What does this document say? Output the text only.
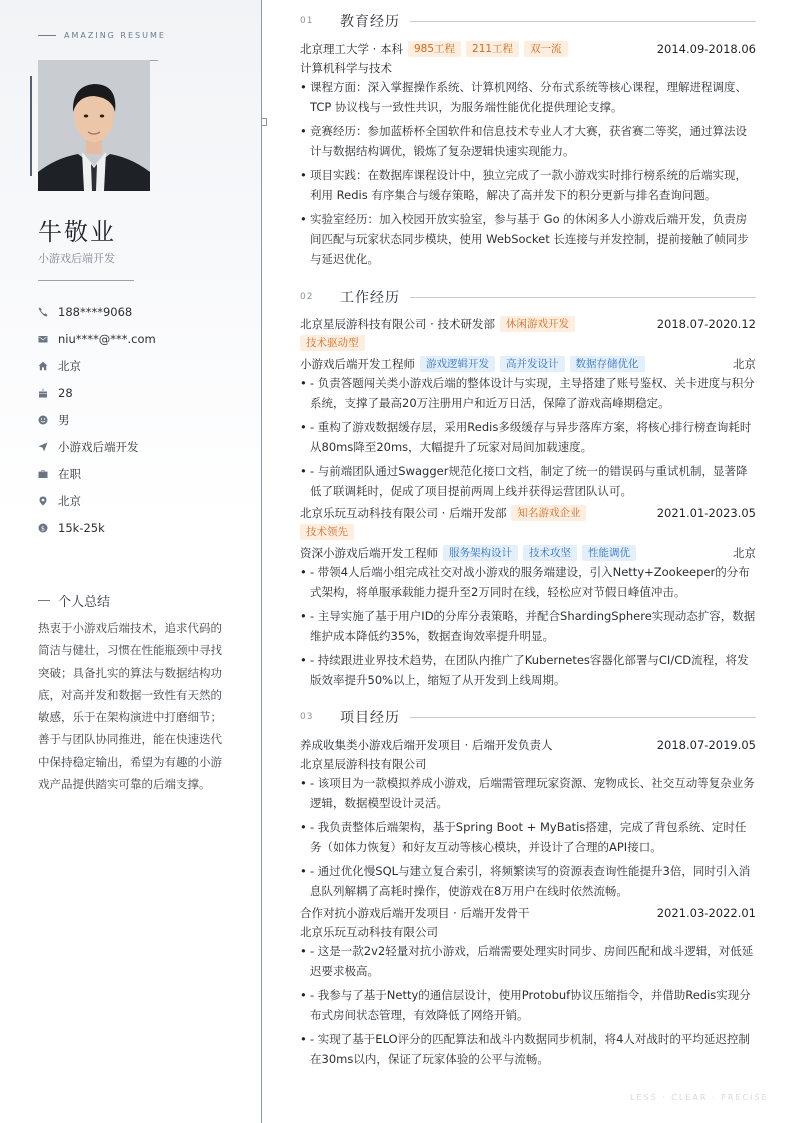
AMAZING RESUME
牛敬业
小游戏后端开发
188****9068
niu****@***.com
北京
28
男
小游戏后端开发
在职
北京
$ 15k-25k
个人总结
热衷于小游戏后端技术，追求代码的简洁与健壮，习惯在性能瓶颈中寻找突破；具备扎实的算法与数据结构功底，对高并发和数据一致性有天然的敏感，乐于在架构演进中打磨细节；善于与团队协同推进，能在快速迭代中保持稳定输出，希望为有趣的小游戏产品提供踏实可靠的后端支撑。
01	教育经历
北京理工大学 · 本科	985工程	211工程	双一流	2014.09-2018.06
计算机科学与技术
• 课程方面：深入掌握操作系统、计算机网络、分布式系统等核心课程，理解进程调度、TCP 协议栈与一致性共识，为服务端性能优化提供理论支撑。
• 竞赛经历：参加蓝桥杯全国软件和信息技术专业人才大赛，获省赛二等奖，通过算法设计与数据结构调优，锻炼了复杂逻辑快速实现能力。
• 项目实践：在数据库课程设计中，独立完成了一款小游戏实时排行榜系统的后端实现，利用 Redis 有序集合与缓存策略，解决了高并发下的积分更新与排名查询问题。
• 实验室经历：加入校园开放实验室，参与基于 Go 的休闲多人小游戏后端开发，负责房间匹配与玩家状态同步模块，使用 WebSocket 长连接与并发控制，提前接触了帧同步与延迟优化。
02	工作经历
北京星辰游科技有限公司 · 技术研发部	休闲游戏开发	2018.07-2020.12
技术驱动型
小游戏后端开发工程师	游戏逻辑开发	高并发设计	数据存储优化	北京
• - 负责答题闯关类小游戏后端的整体设计与实现，主导搭建了账号鉴权、关卡进度与积分系统，支撑了最高20万注册用户和近万日活，保障了游戏高峰期稳定。
• - 重构了游戏数据缓存层，采用Redis多级缓存与异步落库方案，将核心排行榜查询耗时从80ms降至20ms，大幅提升了玩家对局间加载速度。
• - 与前端团队通过Swagger规范化接口文档，制定了统一的错误码与重试机制，显著降低了联调耗时，促成了项目提前两周上线并获得运营团队认可。
北京乐玩互动科技有限公司 · 后端开发部	知名游戏企业	2021.01-2023.05
技术领先
资深小游戏后端开发工程师	服务架构设计	技术攻坚	性能调优	北京
• - 带领4人后端小组完成社交对战小游戏的服务端建设，引入Netty+Zookeeper的分布式架构，将单服承载能力提升至2万同时在线，轻松应对节假日峰值冲击。
• - 主导实施了基于用户ID的分库分表策略，并配合ShardingSphere实现动态扩容，数据维护成本降低约35%，数据查询效率提升明显。
• - 持续跟进业界技术趋势，在团队内推广了Kubernetes容器化部署与CI/CD流程，将发版效率提升50%以上，缩短了从开发到上线周期。
03	项目经历
养成收集类小游戏后端开发项目 · 后端开发负责人	2018.07-2019.05
北京星辰游科技有限公司
• - 该项目为一款模拟养成小游戏，后端需管理玩家资源、宠物成长、社交互动等复杂业务逻辑，数据模型设计灵活。
• - 我负责整体后端架构，基于Spring Boot + MyBatis搭建，完成了背包系统、定时任务（如体力恢复）和好友互动等核心模块，并设计了合理的API接口。
• - 通过优化慢SQL与建立复合索引，将频繁读写的资源表查询性能提升3倍，同时引入消息队列解耦了高耗时操作，使游戏在8万用户在线时依然流畅。
合作对抗小游戏后端开发项目 · 后端开发骨干	2021.03-2022.01
北京乐玩互动科技有限公司
• - 这是一款2v2轻量对抗小游戏，后端需要处理实时同步、房间匹配和战斗逻辑，对低延迟要求极高。
• - 我参与了基于Netty的通信层设计，使用Protobuf协议压缩指令，并借助Redis实现分布式房间状态管理，有效降低了网络开销。
• - 实现了基于ELO评分的匹配算法和战斗内数据同步机制，将4人对战时的平均延迟控制在30ms以内，保证了玩家体验的公平与流畅。
LESS · CLEAR · PRECISE
